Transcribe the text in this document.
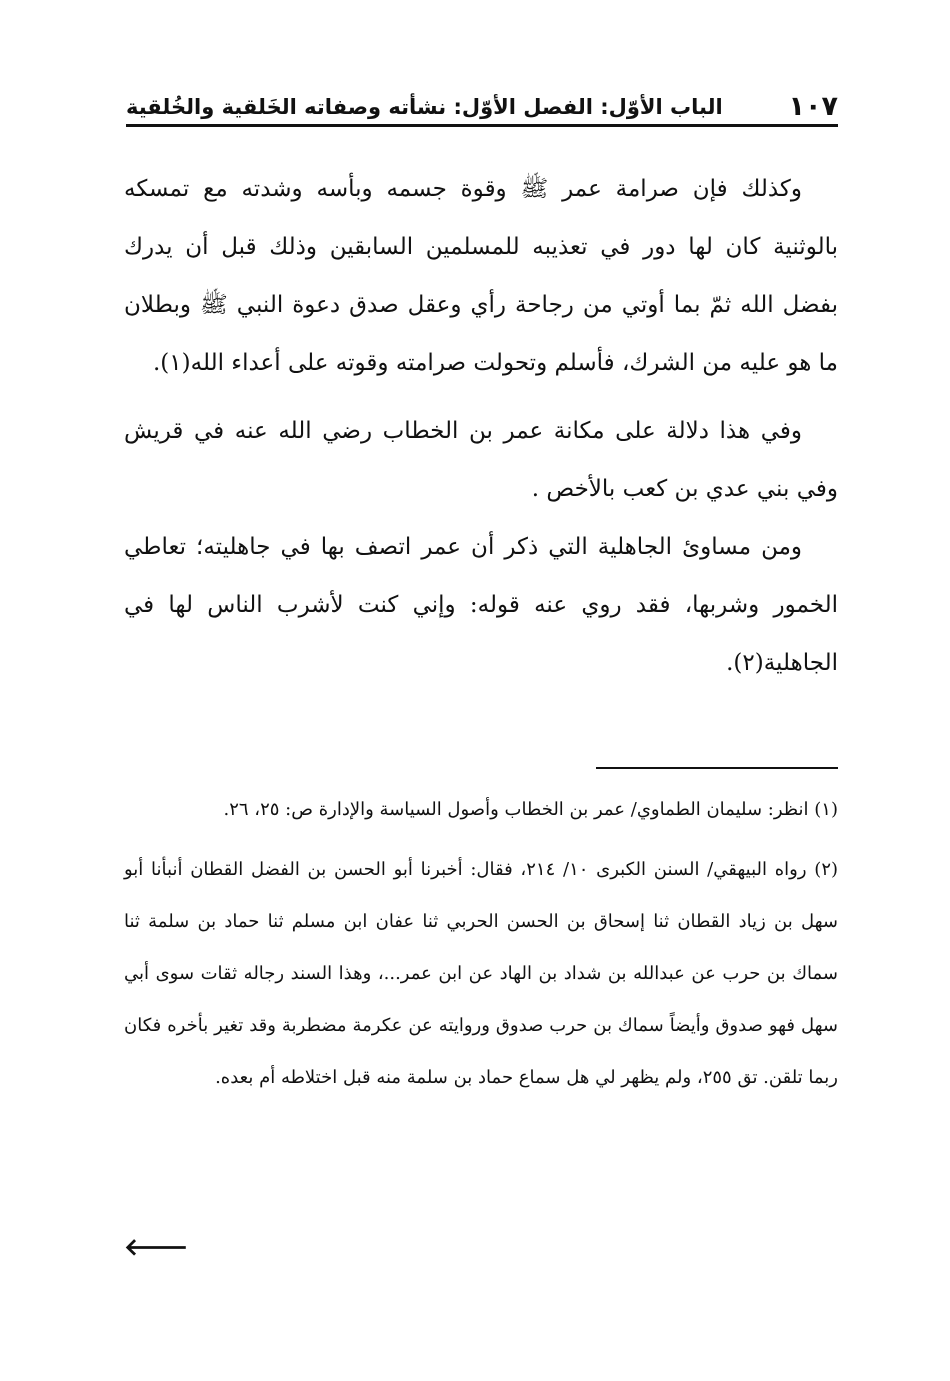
١٠٧
الباب الأوّل: الفصل الأوّل: نشأته وصفاته الخَلقية والخُلقية

وكذلك فإن صرامة عمر ﷺ وقوة جسمه وبأسه وشدته مع تمسكه بالوثنية كان لها دور في تعذيبه للمسلمين السابقين وذلك قبل أن يدرك بفضل الله ثمّ بما أوتي من رجاحة رأي وعقل صدق دعوة النبي ﷺ وبطلان ما هو عليه من الشرك، فأسلم وتحولت صرامته وقوته على أعداء الله(١).

وفي هذا دلالة على مكانة عمر بن الخطاب رضي الله عنه في قريش وفي بني عدي بن كعب بالأخص .

ومن مساوئ الجاهلية التي ذكر أن عمر اتصف بها في جاهليته؛ تعاطي الخمور وشربها، فقد روي عنه قوله: وإني كنت لأشرب الناس لها في الجاهلية(٢).

(١) انظر: سليمان الطماوي/ عمر بن الخطاب وأصول السياسة والإدارة ص: ٢٥، ٢٦.

(٢) رواه البيهقي/ السنن الكبرى ١٠/ ٢١٤، فقال: أخبرنا أبو الحسن بن الفضل القطان أنبأنا أبو سهل بن زياد القطان ثنا إسحاق بن الحسن الحربي ثنا عفان ابن مسلم ثنا حماد بن سلمة ثنا سماك بن حرب عن عبدالله بن شداد بن الهاد عن ابن عمر...، وهذا السند رجاله ثقات سوى أبي سهل فهو صدوق وأيضاً سماك بن حرب صدوق وروايته عن عكرمة مضطربة وقد تغير بأخره فكان ربما تلقن. تق ٢٥٥، ولم يظهر لي هل سماع حماد بن سلمة منه قبل اختلاطه أم بعده.

🡐
